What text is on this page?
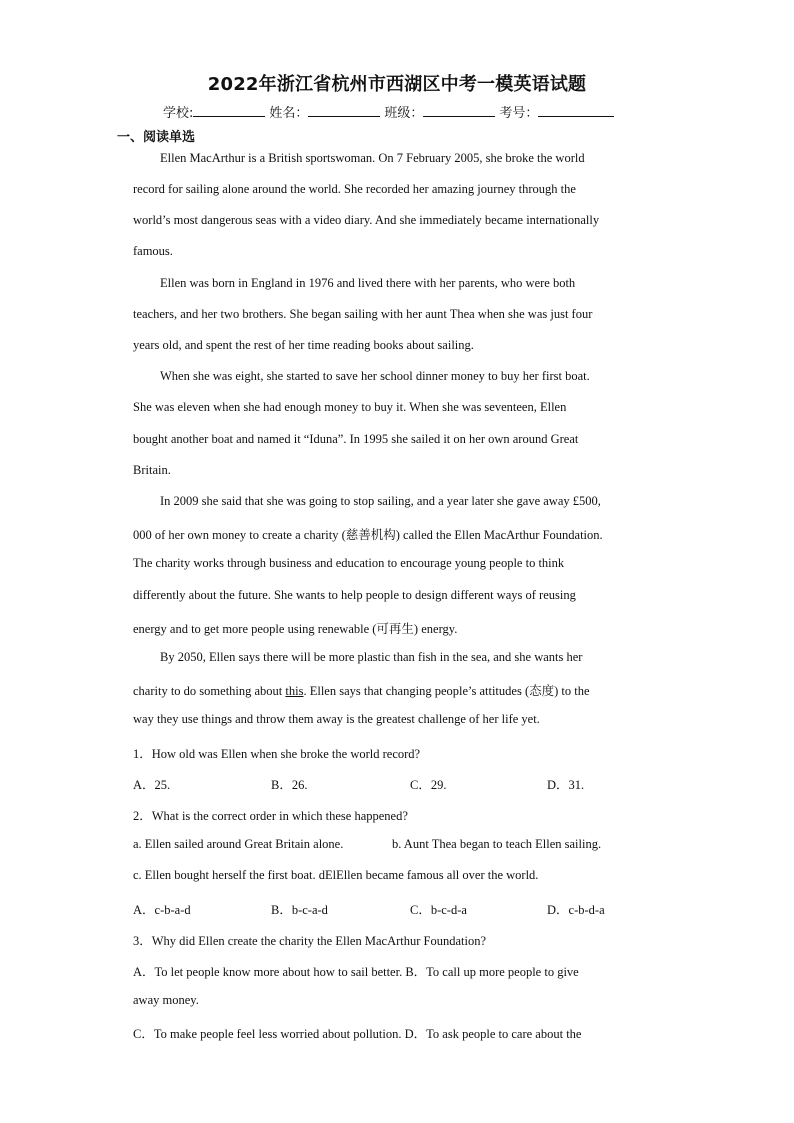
2022年浙江省杭州市西湖区中考一模英语试题
学校:	姓名：	班级：	考号：
一、阅读单选
Ellen MacArthur is a British sportswoman. On 7 February 2005, she broke the world
record for sailing alone around the world. She recorded her amazing journey through the
world’s most dangerous seas with a video diary. And she immediately became internationally
famous.
Ellen was born in England in 1976 and lived there with her parents, who were both
teachers, and her two brothers. She began sailing with her aunt Thea when she was just four
years old, and spent the rest of her time reading books about sailing.
When she was eight, she started to save her school dinner money to buy her first boat.
She was eleven when she had enough money to buy it. When she was seventeen, Ellen
bought another boat and named it “Iduna”. In 1995 she sailed it on her own around Great
Britain.
In 2009 she said that she was going to stop sailing, and a year later she gave away £500,
000 of her own money to create a charity (慈善机构) called the Ellen MacArthur Foundation.
The charity works through business and education to encourage young people to think
differently about the future. She wants to help people to design different ways of reusing
energy and to get more people using renewable (可再生) energy.
By 2050, Ellen says there will be more plastic than fish in the sea, and she wants her
charity to do something about this. Ellen says that changing people’s attitudes (态度) to the
way they use things and throw them away is the greatest challenge of her life yet.
1．How old was Ellen when she broke the world record?
A．25.	B．26.	C．29.	D．31.
2．What is the correct order in which these happened?
a. Ellen sailed around Great Britain alone.	b. Aunt Thea began to teach Ellen sailing.
c. Ellen bought herself the first boat. dElEllen became famous all over the world.
A．c-b-a-d	B．b-c-a-d	C．b-c-d-a	D．c-b-d-a
3．Why did Ellen create the charity the Ellen MacArthur Foundation?
A．To let people know more about how to sail better. B．To call up more people to give
away money.
C．To make people feel less worried about pollution. D．To ask people to care about the
